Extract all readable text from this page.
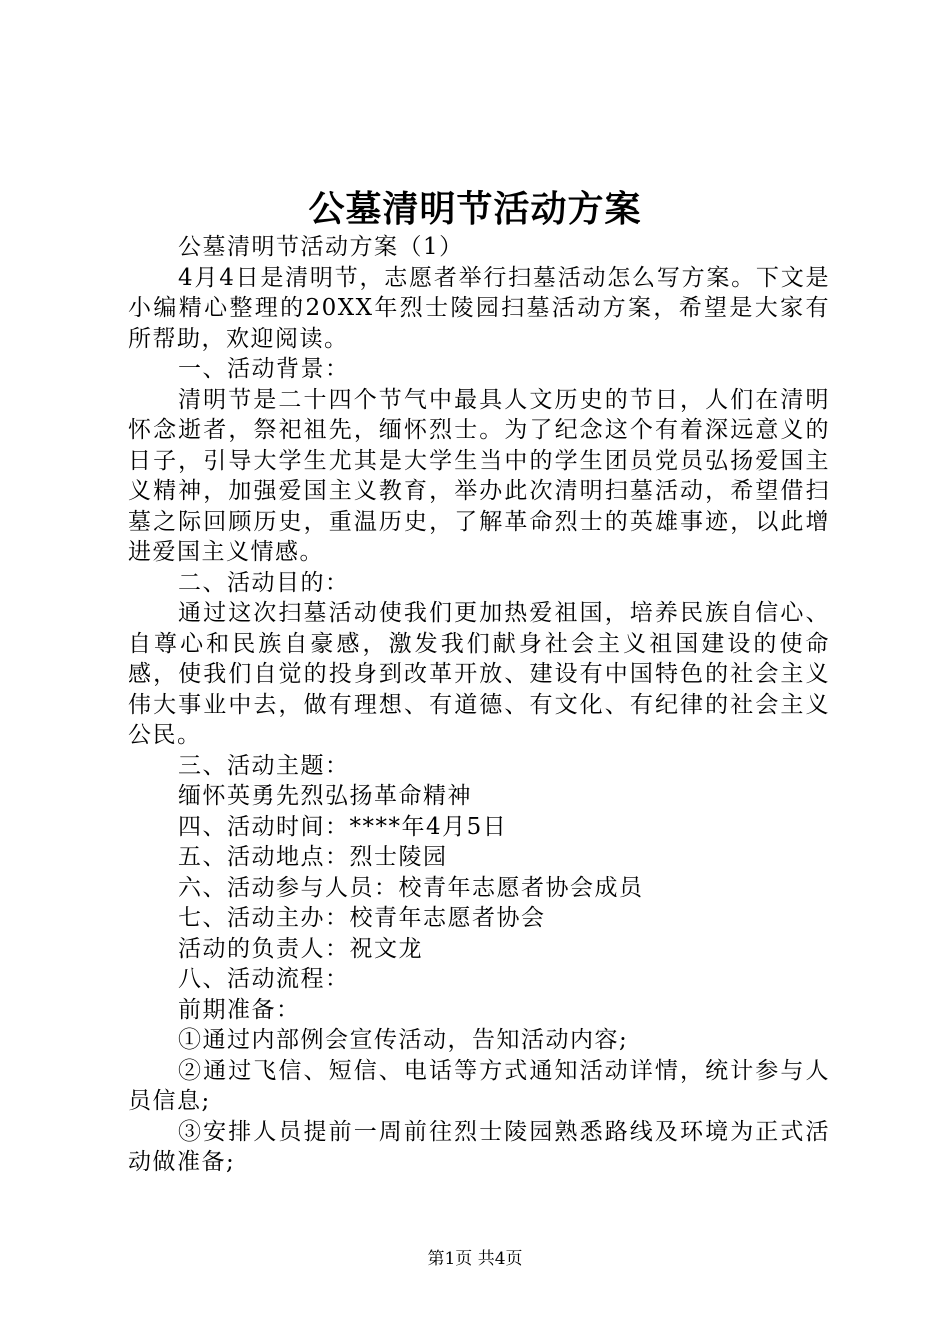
公墓清明节活动方案

公墓清明节活动方案（1）

4月4日是清明节，志愿者举行扫墓活动怎么写方案。下文是小编精心整理的20XX年烈士陵园扫墓活动方案，希望是大家有所帮助，欢迎阅读。

一、活动背景：

清明节是二十四个节气中最具人文历史的节日，人们在清明怀念逝者，祭祀祖先，缅怀烈士。为了纪念这个有着深远意义的日子，引导大学生尤其是大学生当中的学生团员党员弘扬爱国主义精神，加强爱国主义教育，举办此次清明扫墓活动，希望借扫墓之际回顾历史，重温历史，了解革命烈士的英雄事迹，以此增进爱国主义情感。

二、活动目的：

通过这次扫墓活动使我们更加热爱祖国，培养民族自信心、自尊心和民族自豪感，激发我们献身社会主义祖国建设的使命感，使我们自觉的投身到改革开放、建设有中国特色的社会主义伟大事业中去，做有理想、有道德、有文化、有纪律的社会主义公民。

三、活动主题：

缅怀英勇先烈弘扬革命精神

四、活动时间：****年4月5日

五、活动地点：烈士陵园

六、活动参与人员：校青年志愿者协会成员

七、活动主办：校青年志愿者协会

活动的负责人：祝文龙

八、活动流程：

前期准备：

①通过内部例会宣传活动，告知活动内容;

②通过飞信、短信、电话等方式通知活动详情，统计参与人员信息;

③安排人员提前一周前往烈士陵园熟悉路线及环境为正式活动做准备;

第1页 共4页
